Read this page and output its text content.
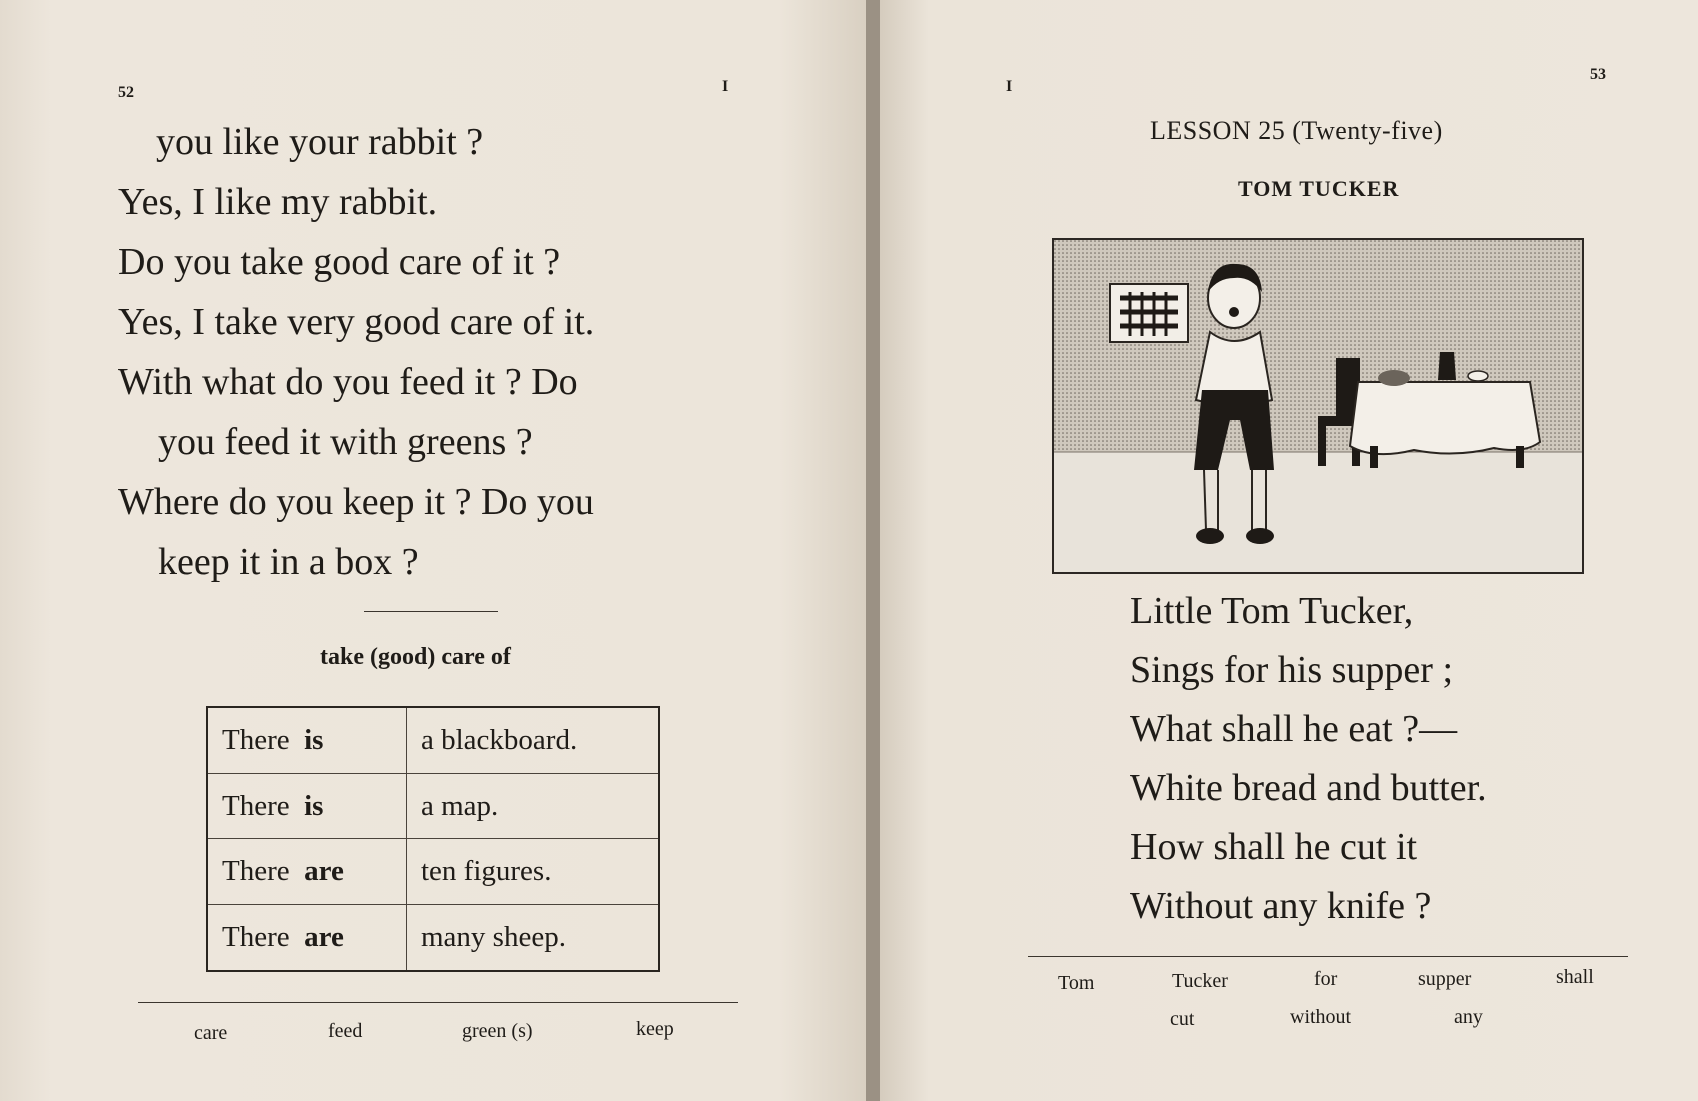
52	I
you like your rabbit ?
Yes, I like my rabbit.
Do you take good care of it ?
Yes, I take very good care of it.
With what do you feed it ? Do
you feed it with greens ?
Where do you keep it ? Do you
keep it in a box ?
take (good) care of
There is	a blackboard.
There is	a map.
There are	ten figures.
There are	many sheep.
care	feed	green (s)	keep
I
53
LESSON 25 (Twenty-five)
TOM TUCKER
Little Tom Tucker,
Sings for his supper ;
What shall he eat ?—
White bread and butter.
How shall he cut it
Without any knife ?
Tom	Tucker	for	supper	shall
cut	without	any
